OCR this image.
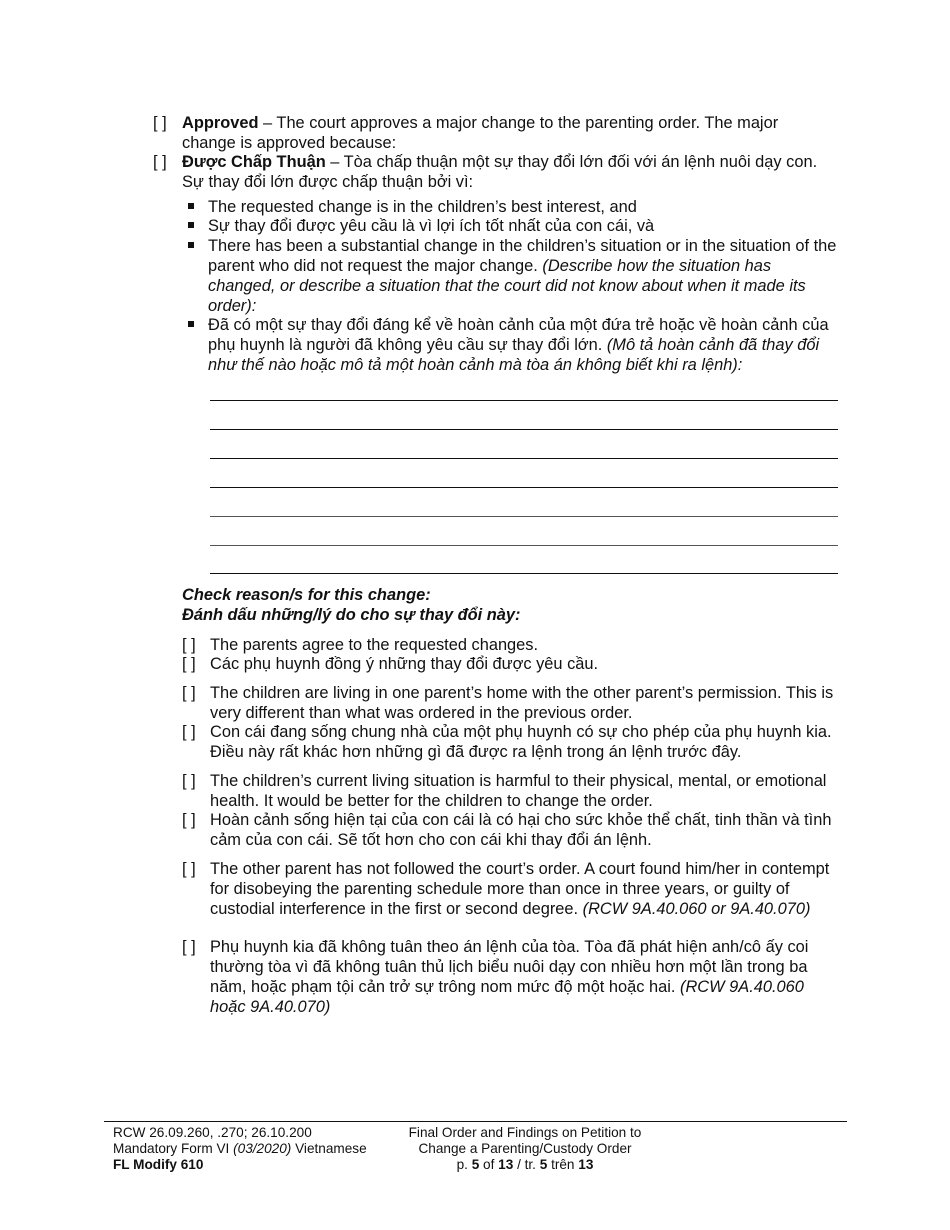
[ ] Approved – The court approves a major change to the parenting order. The major change is approved because:
[ ] Được Chấp Thuận – Tòa chấp thuận một sự thay đổi lớn đối với án lệnh nuôi dạy con. Sự thay đổi lớn được chấp thuận bởi vì:
The requested change is in the children’s best interest, and
Sự thay đổi được yêu cầu là vì lợi ích tốt nhất của con cái, và
There has been a substantial change in the children’s situation or in the situation of the parent who did not request the major change. (Describe how the situation has changed, or describe a situation that the court did not know about when it made its order):
Đã có một sự thay đổi đáng kể về hoàn cảnh của một đứa trẻ hoặc về hoàn cảnh của phụ huynh là người đã không yêu cầu sự thay đổi lớn. (Mô tả hoàn cảnh đã thay đổi như thế nào hoặc mô tả một hoàn cảnh mà tòa án không biết khi ra lệnh):
Check reason/s for this change:
Đánh dấu những/lý do cho sự thay đổi này:
[ ] The parents agree to the requested changes.
[ ] Các phụ huynh đồng ý những thay đổi được yêu cầu.
[ ] The children are living in one parent’s home with the other parent’s permission. This is very different than what was ordered in the previous order.
[ ] Con cái đang sống chung nhà của một phụ huynh có sự cho phép của phụ huynh kia. Điều này rất khác hơn những gì đã được ra lệnh trong án lệnh trước đây.
[ ] The children’s current living situation is harmful to their physical, mental, or emotional health. It would be better for the children to change the order.
[ ] Hoàn cảnh sống hiện tại của con cái là có hại cho sức khỏe thể chất, tinh thần và tình cảm của con cái. Sẽ tốt hơn cho con cái khi thay đổi án lệnh.
[ ] The other parent has not followed the court’s order. A court found him/her in contempt for disobeying the parenting schedule more than once in three years, or guilty of custodial interference in the first or second degree. (RCW 9A.40.060 or 9A.40.070)
[ ] Phụ huynh kia đã không tuân theo án lệnh của tòa. Tòa đã phát hiện anh/cô ấy coi thường tòa vì đã không tuân thủ lịch biểu nuôi dạy con nhiều hơn một lần trong ba năm, hoặc phạm tội cản trở sự trông nom mức độ một hoặc hai. (RCW 9A.40.060 hoặc 9A.40.070)
RCW 26.09.260, .270; 26.10.200
Mandatory Form VI (03/2020) Vietnamese
FL Modify 610
Final Order and Findings on Petition to
Change a Parenting/Custody Order
p. 5 of 13 / tr. 5 trên 13
